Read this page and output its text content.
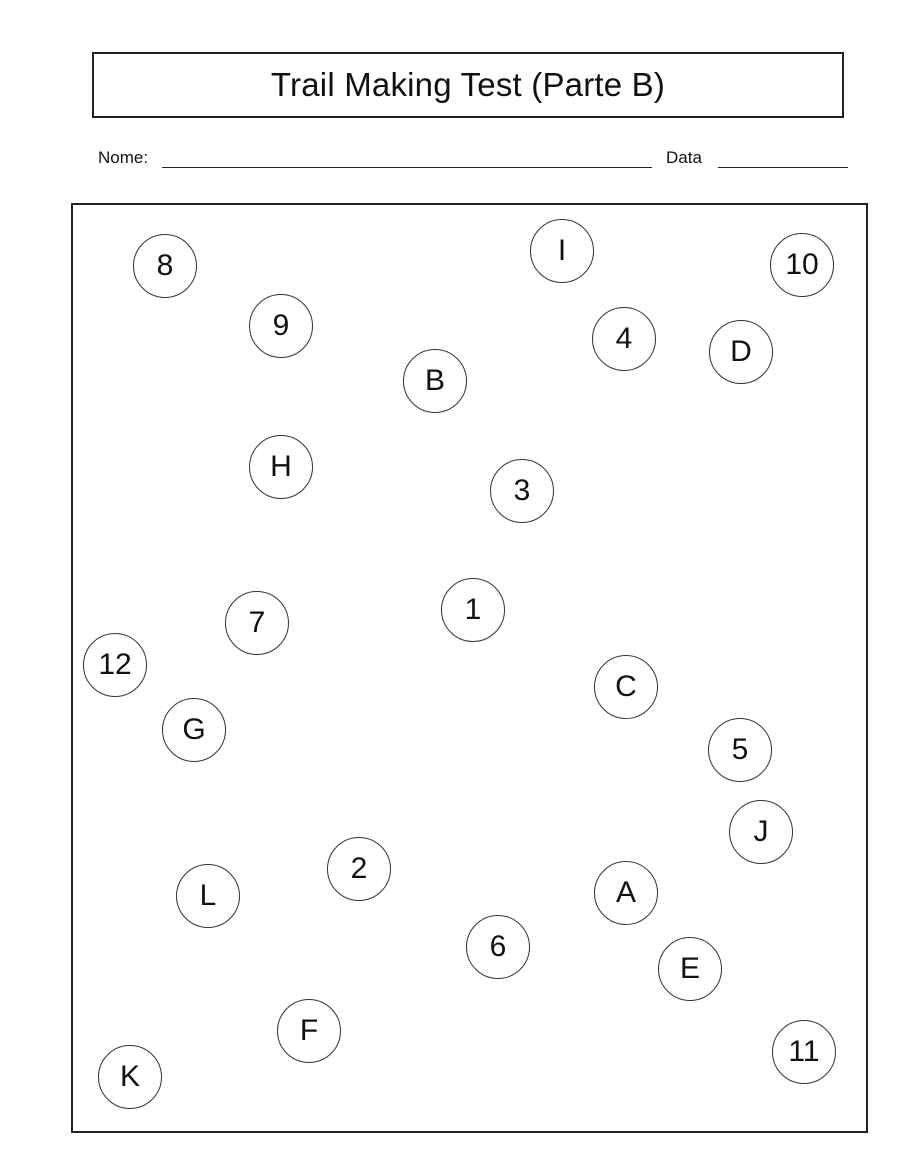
Trail Making Test (Parte B)
Nome:	Data
8	I	10
9	4	D
B
H
3
1
7
12
C
G
5
J
2
A
L
6
E
F
11
K
